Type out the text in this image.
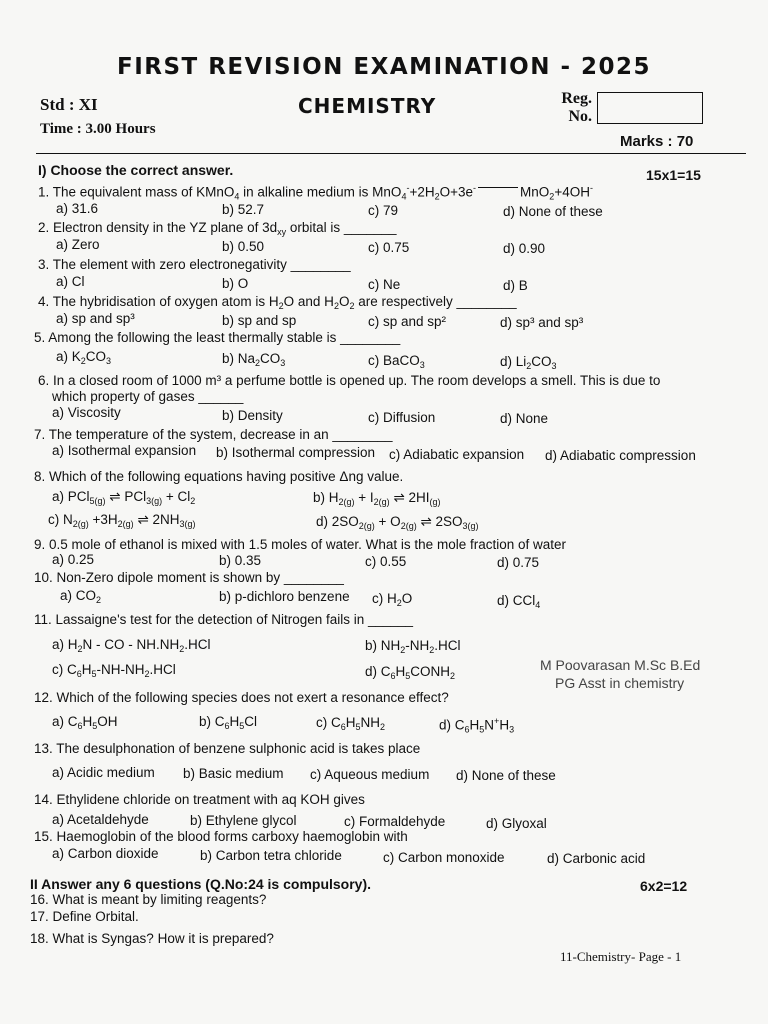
FIRST REVISION EXAMINATION - 2025
Std : XI	CHEMISTRY	Reg. No.
Time : 3.00 Hours
Marks : 70
I) Choose the correct answer.	15x1=15
1. The equivalent mass of KMnO$_4$ in alkaline medium is $MnO_4^-+2H_2O+3e^-$	MnO$_2$+4OH-
a) 31.6	b) 52.7	c) 79	d) None of these
2. Electron density in the YZ plane of $3d_{xy}$ orbital is _______
a) Zero	b) 0.50	c) 0.75	d) 0.90
3. The element with zero electronegativity ________
a) Cl	b) O	c) Ne	d) B
4. The hybridisation of oxygen atom is $H_2O$ and $H_2O_2$ are respectively ________
a) sp and sp³	b) sp and sp	c) sp and sp²	d) sp³ and sp³
5. Among the following the least thermally stable is ________
a) $K_2CO_3$	b) $Na_2CO_3$	c) BaCO$_3$	d) $Li_2CO_3$
6. In a closed room of 1000 m³ a perfume bottle is opened up. The room develops a smell. This is due to
which property of gases ______
a) Viscosity	b) Density	c) Diffusion	d) None
7. The temperature of the system, decrease in an ________
a) Isothermal expansion b) Isothermal compression c) Adiabatic expansion d) Adiabatic compression
8. Which of the following equations having positive Δng value.
a) PCl$_{5(g)}$ ⇌ $PCl_{3(g)} + Cl_2$	b) $H_{2(g)} + I_{2(g)}$ ⇌ $2HI_{(g)}$
c) $N_{2(g)} +3H_{2(g)}$ ⇌ $2NH_{3(g)}$	d) $2SO_{2(g)} + O_{2(g)}$ ⇌ $2SO_{3(g)}$
9. 0.5 mole of ethanol is mixed with 1.5 moles of water. What is the mole fraction of water
a) 0.25	b) 0.35	c) 0.55	d) 0.75
10. Non-Zero dipole moment is shown by ________
a) $CO_2$	b) p-dichloro benzene c) $H_2O$	d) CCl$_4$
11. Lassaigne's test for the detection of Nitrogen fails in ______
a) $H_2N$ - CO - $NH.NH_2.HCl$	b) $NH_2-NH_2.HCl$
c) $C_6H_5-NH-NH_2.HCl$	d) $C_6H_5CONH_2$
M Poovarasan M.Sc B.Ed
PG Asst in chemistry
12. Which of the following species does not exert a resonance effect?
a) $C_6H_5OH$	b) $C_6H_5Cl$	c) $C_6H_5NH_2$	d) $C_6H_5N^+H_3$
13. The desulphonation of benzene sulphonic acid is takes place
a) Acidic medium b) Basic medium c) Aqueous medium d) None of these
14. Ethylidene chloride on treatment with aq KOH gives
a) Acetaldehyde	b) Ethylene glycol	c) Formaldehyde	d) Glyoxal
15. Haemoglobin of the blood forms carboxy haemoglobin with
a) Carbon dioxide	b) Carbon tetra chloride	c) Carbon monoxide	d) Carbonic acid
II Answer any 6 questions (Q.No:24 is compulsory).	6x2=12
16. What is meant by limiting reagents?
17. Define Orbital.
18. What is Syngas? How it is prepared?
11-Chemistry- Page - 1
